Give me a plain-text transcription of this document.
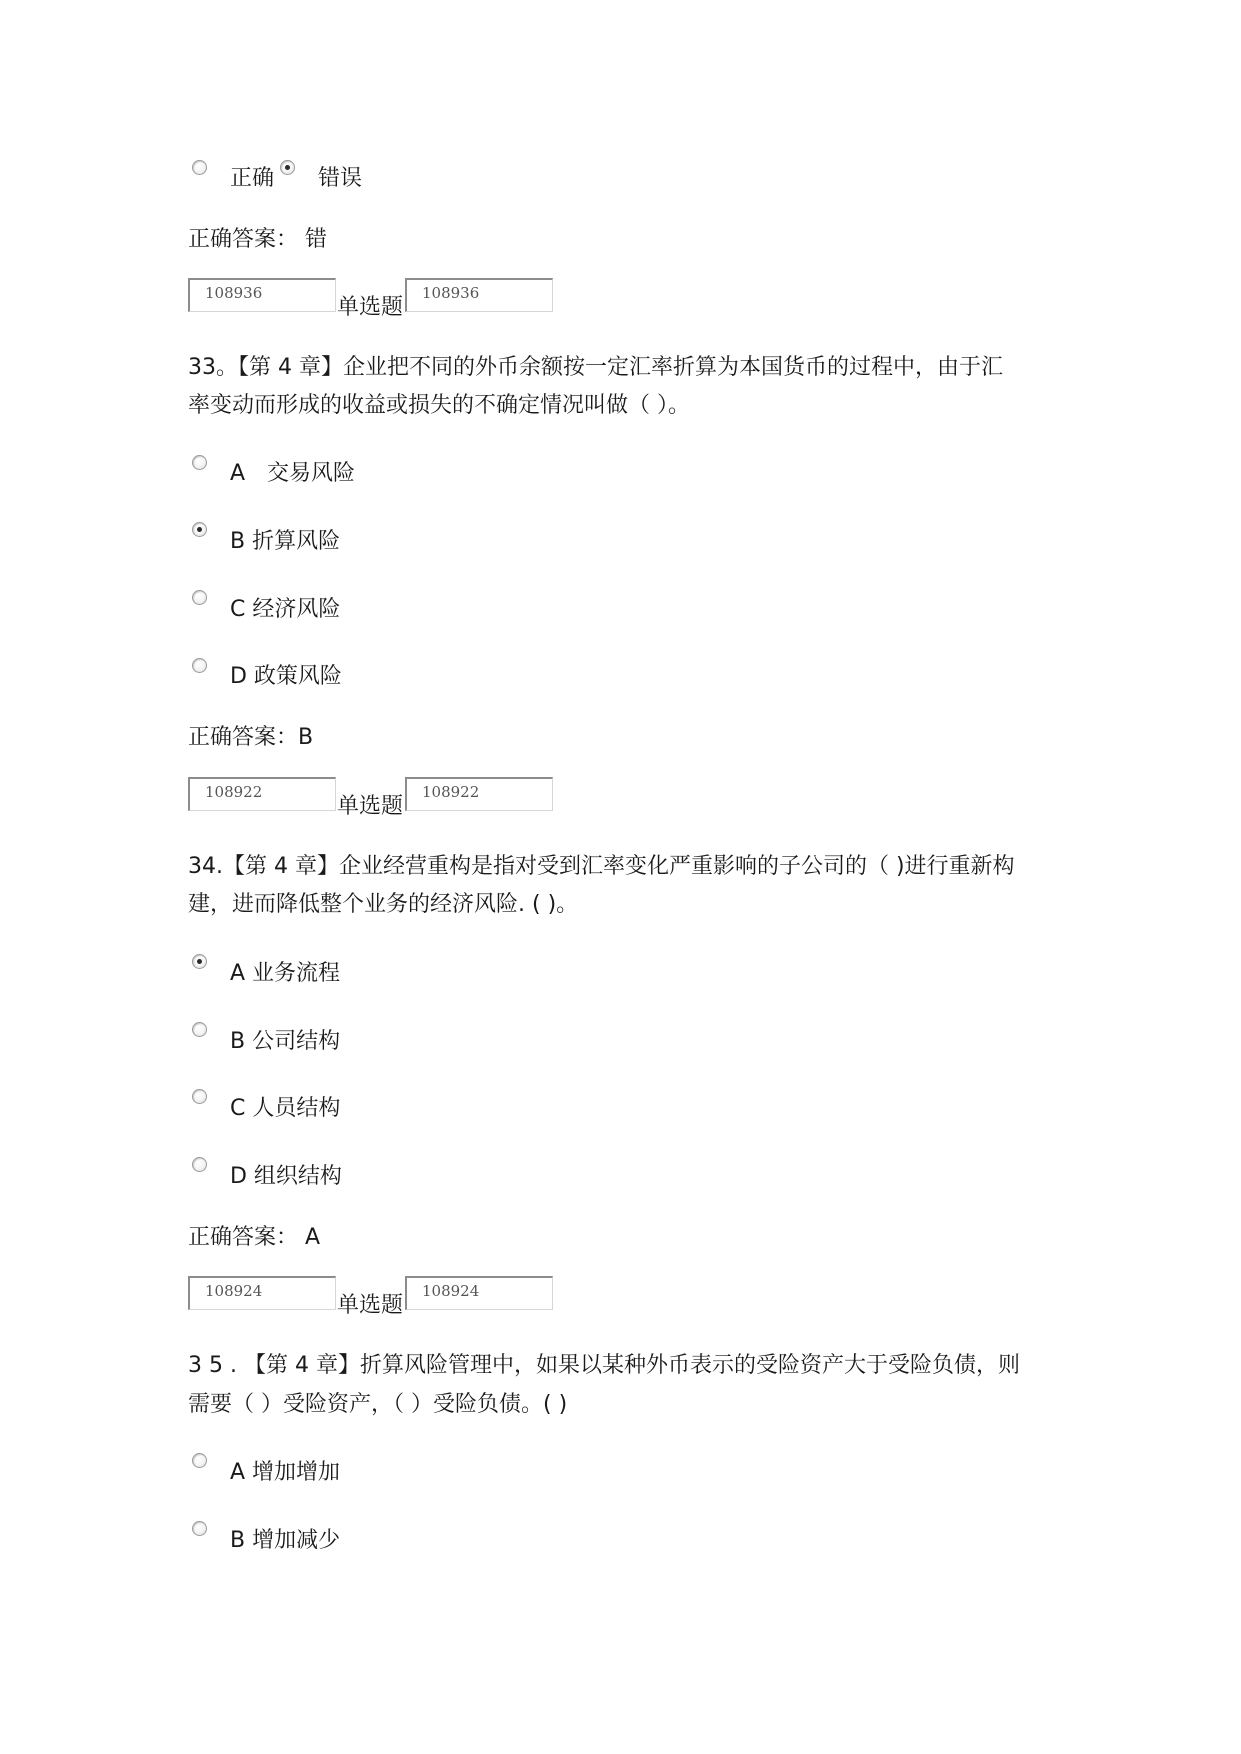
正确 错误
正确答案： 错
108936
单选题
108936
33。【第 4 章】企业把不同的外币余额按一定汇率折算为本国货币的过程中，由于汇
率变动而形成的收益或损失的不确定情况叫做（ ）。
A　交易风险
B 折算风险
C 经济风险
D 政策风险
正确答案：B
108922
单选题
108922
34.【第 4 章】企业经营重构是指对受到汇率变化严重影响的子公司的（ )进行重新构
建，进而降低整个业务的经济风险. ( )。
A 业务流程
B 公司结构
C 人员结构
D 组织结构
正确答案： A
108924
单选题
108924
3 5 . 【第 4 章】折算风险管理中，如果以某种外币表示的受险资产大于受险负债，则
需要（ ）受险资产，（ ）受险负债。( )
A 增加增加
B 增加减少
